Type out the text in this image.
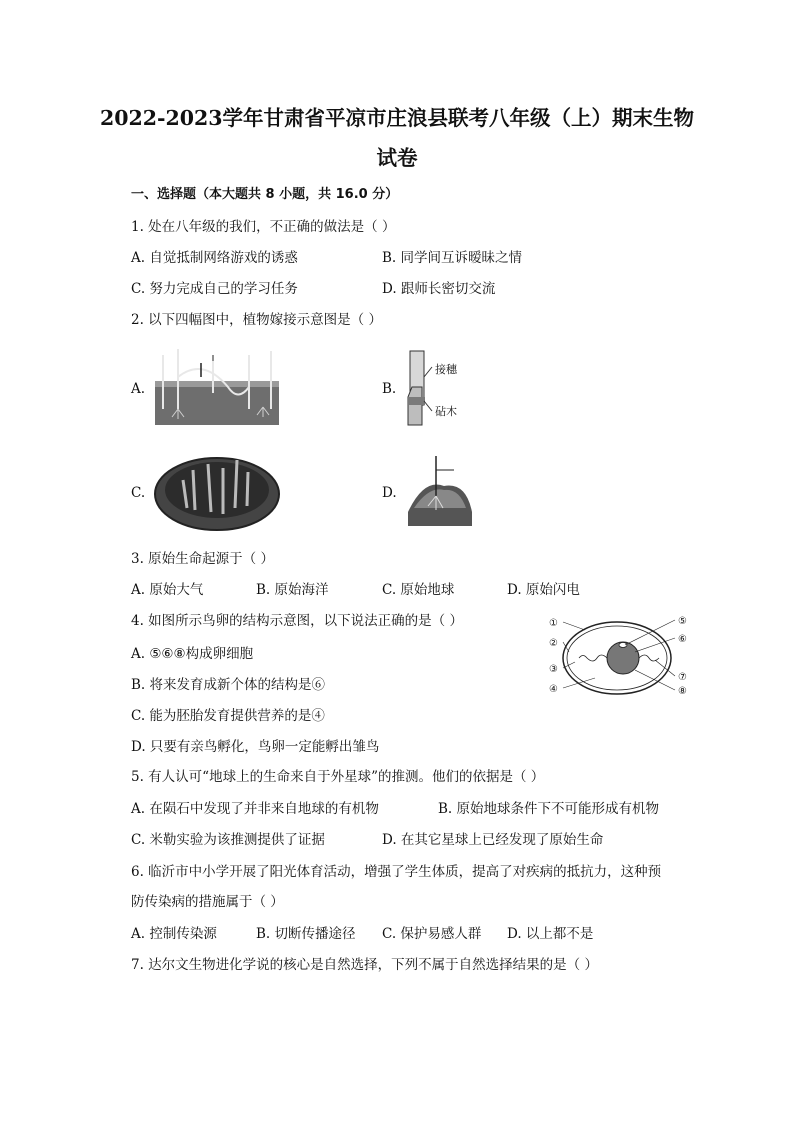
2022-2023学年甘肃省平凉市庄浪县联考八年级（上）期末生物
试卷
一、选择题（本大题共 8 小题，共 16.0 分）
1. 处在八年级的我们，不正确的做法是（ ）
A. 自觉抵制网络游戏的诱惑	B. 同学间互诉暧昧之情
C. 努力完成自己的学习任务	D. 跟师长密切交流
2. 以下四幅图中，植物嫁接示意图是（ ）
A.	B.
接穗
砧木
C.	D.
3. 原始生命起源于（ ）
A. 原始大气	B. 原始海洋	C. 原始地球	D. 原始闪电
4. 如图所示鸟卵的结构示意图，以下说法正确的是（ ）
A. ⑤⑥⑧构成卵细胞
B. 将来发育成新个体的结构是⑥
C. 能为胚胎发育提供营养的是④
D. 只要有亲鸟孵化，鸟卵一定能孵出雏鸟
①
②
③
④
⑤
⑥
⑦
⑧
5. 有人认可“地球上的生命来自于外星球”的推测。他们的依据是（ ）
A. 在陨石中发现了并非来自地球的有机物	B. 原始地球条件下不可能形成有机物
C. 米勒实验为该推测提供了证据	D. 在其它星球上已经发现了原始生命
6. 临沂市中小学开展了阳光体育活动，增强了学生体质，提高了对疾病的抵抗力，这种预
防传染病的措施属于（ ）
A. 控制传染源	B. 切断传播途径 C. 保护易感人群 D. 以上都不是
7. 达尔文生物进化学说的核心是自然选择，下列不属于自然选择结果的是（ ）
